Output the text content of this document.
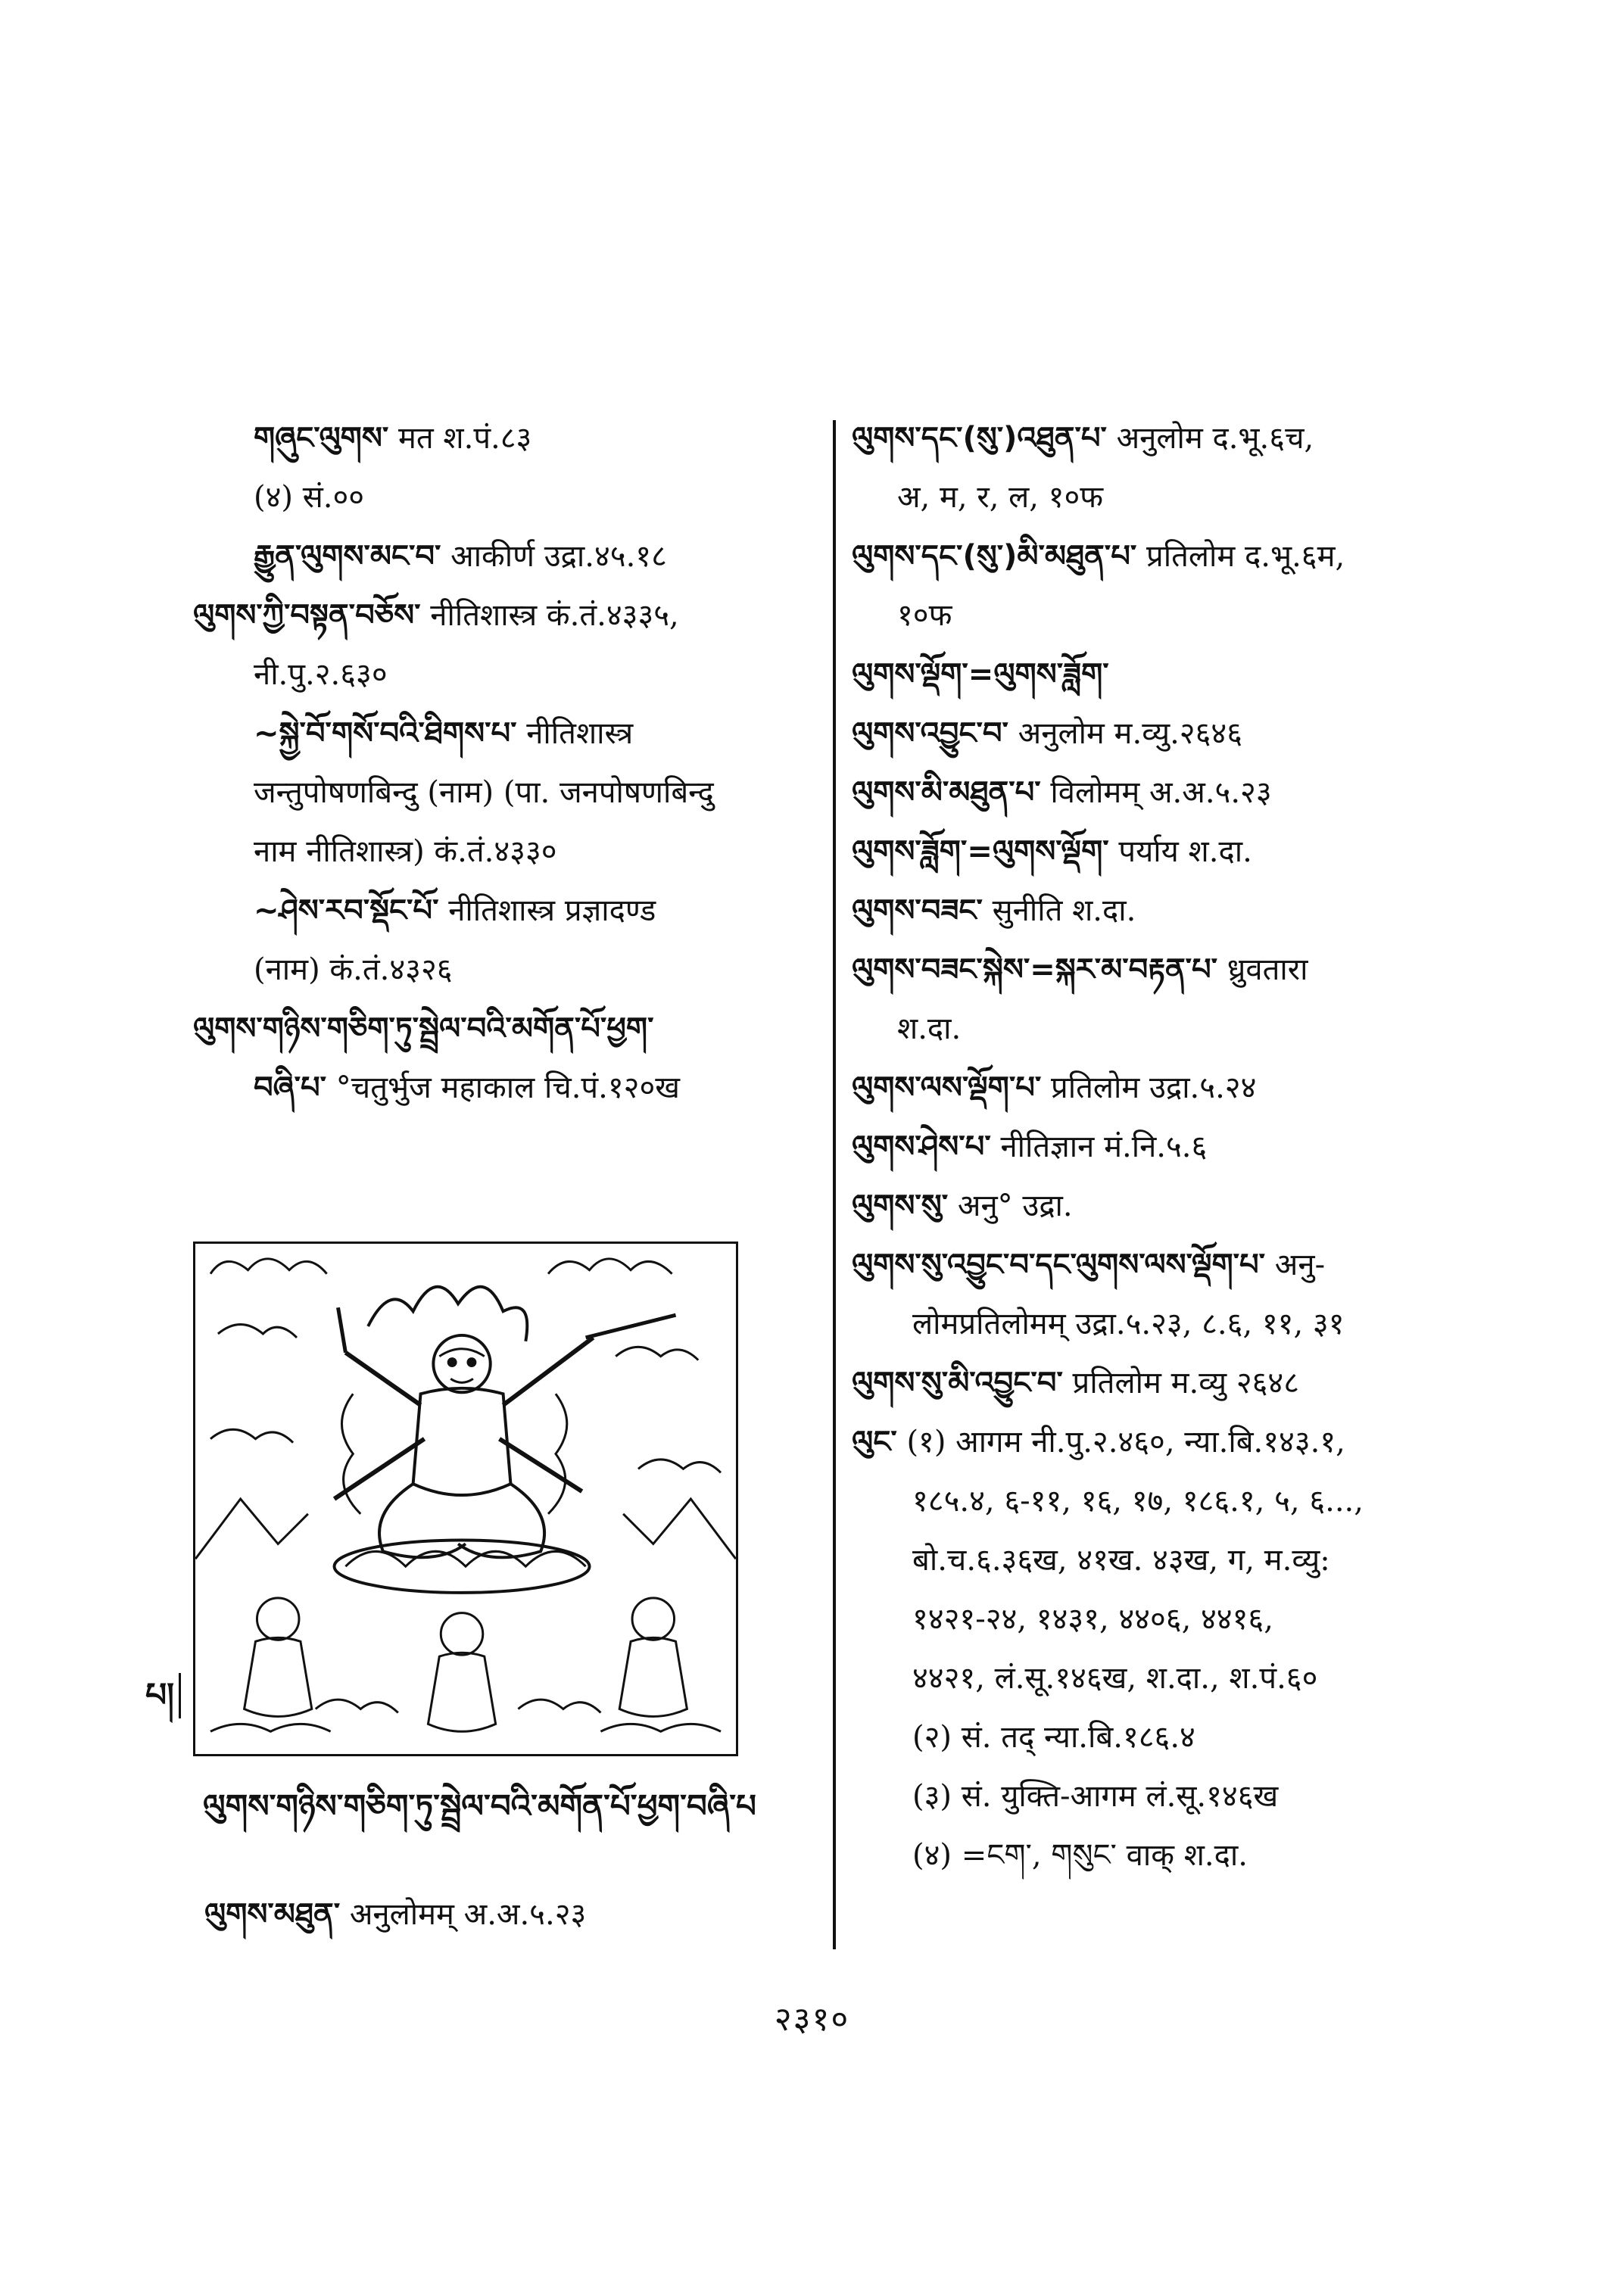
གཞུང་ལུགས་ मत श.पं.८३
(४) सं.००
རྒྱུན་ལུགས་མང་བ་ आकीर्ण उद्रा.४५.१८
ལུགས་ཀྱི་བསྟན་བཅོས་ नीतिशास्त्र कं.तं.४३३५,
नी.पु.२.६३०
~སྐྱེ་བོ་གསོ་བའི་ཐིགས་པ་ नीतिशास्त्र
जन्तुपोषणबिन्दु (नाम) (पा. जनपोषणबिन्दु
नाम नीतिशास्त्र) कं.तं.४३३०
~ཤེས་རབ་སྡོང་པོ་ नीतिशास्त्र प्रज्ञादण्ड
(नाम) कं.तं.४३२६
ལུགས་གཉིས་གཅིག་ཏུ་སྦྲེལ་བའི་མགོན་པོ་ཕྱག་
བཞི་པ་ °चतुर्भुज महाकाल चि.पं.१२०ख
ལུགས་དང་(སུ་)འཐུན་པ་ अनुलोम द.भू.६च,
अ, म, र, ल, १०फ
ལུགས་དང་(སུ་)མི་མཐུན་པ་ प्रतिलोम द.भू.६म,
१०फ
ལུགས་ལྡོག་=ལུགས་ཟློག་
ལུགས་འབྱུང་བ་ अनुलोम म.व्यु.२६४६
ལུགས་མི་མཐུན་པ་ विलोमम् अ.अ.५.२३
ལུགས་ཟློག་=ལུགས་ལྡོག་ पर्याय श.दा.
ལུགས་བཟང་ सुनीति श.दा.
ལུགས་བཟང་སྐེས་=སྐར་མ་བརྟན་པ་ ध्रुवतारा
श.दा.
ལུགས་ལས་ལྡོག་པ་ प्रतिलोम उद्रा.५.२४
ལུགས་ཤེས་པ་ नीतिज्ञान मं.नि.५.६
ལུགས་སུ་ अनु° उद्रा.
ལུགས་སུ་འབྱུང་བ་དང་ལུགས་ལས་ལྡོག་པ་ अनु-
लोमप्रतिलोमम् उद्रा.५.२३, ८.६, ११, ३१
ལུགས་སུ་མི་འབྱུང་བ་ प्रतिलोम म.व्यु २६४८
ལུང་ (१) आगम नी.पु.२.४६०, न्या.बि.१४३.१,
१८५.४, ६-११, १६, १७, १८६.१, ५, ६...,
बो.च.६.३६ख, ४१ख. ४३ख, ग, म.व्यु:
१४२१-२४, १४३१, ४४०६, ४४१६,
४४२१, लं.सू.१४६ख, श.दा., श.पं.६०
(२) सं. तद् न्या.बि.१८६.४
(३) सं. युक्ति-आगम लं.सू.१४६ख
(४) =ངག་, གསུང་ वाक् श.दा.
པ།
ལུགས་གཉིས་གཅིག་ཏུ་སྦྲེལ་བའི་མགོན་པོ་ཕྱག་བཞི་པ
ལུགས་མཐུན་ अनुलोमम् अ.अ.५.२३
२३१०
